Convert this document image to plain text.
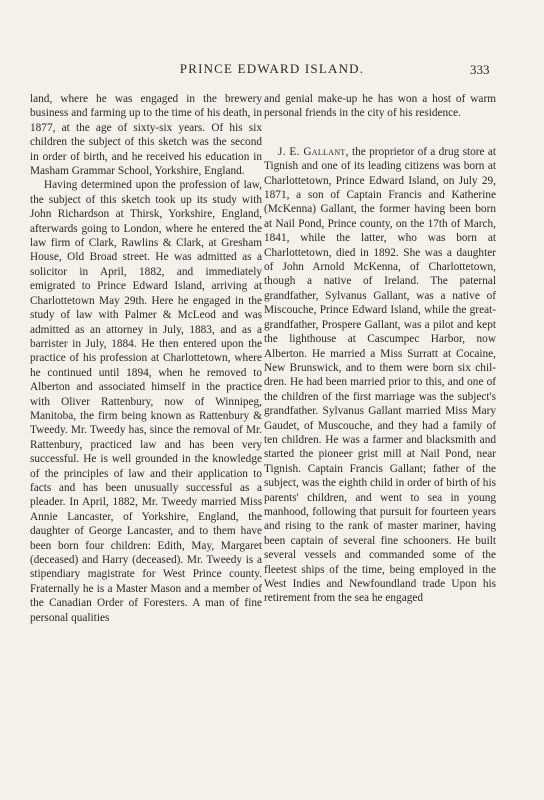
PRINCE EDWARD ISLAND.	333

land, where he was engaged in the brewery business and farming up to the time of his death, in 1877, at the age of sixty-six years. Of his six children the subject of this sketch was the second in order of birth, and he received his education in Masham Grammar School, Yorkshire, England.

Having determined upon the profession of law, the subject of this sketch took up its study with John Richardson at Thirsk, Yorkshire, England, afterwards going to London, where he entered the law firm of Clark, Rawlins & Clark, at Gresham House, Old Broad street. He was admitted as a solicitor in April, 1882, and immediately emigrated to Prince Edward Island, arriving at Charlottetown May 29th. Here he engaged in the study of law with Palmer & McLeod and was admitted as an attorney in July, 1883, and as a barrister in July, 1884. He then entered upon the practice of his profession at Charlottetown, where he continued until 1894, when he removed to Alberton and associated himself in the practice with Oliver Rattenbury, now of Winnipeg, Manitoba, the firm being known as Rattenbury & Tweedy. Mr. Tweedy has, since the removal of Mr. Rattenbury, practiced law and has been very successful. He is well grounded in the knowledge of the principles of law and their application to facts and has been unusually successful as a pleader. In April, 1882, Mr. Tweedy married Miss Annie Lancaster, of Yorkshire, England, the daughter of George Lancaster, and to them have been born four children: Edith, May, Margaret (deceased) and Harry (deceased). Mr. Tweedy is a stipendiary magistrate for West Prince county. Fraternally he is a Master Mason and a member of the Canadian Order of Foresters. A man of fine personal qualities

and genial make-up he has won a host of warm personal friends in the city of his residence.

J. E. Gallant, the proprietor of a drug store at Tignish and one of its leading citizens was born at Charlottetown, Prince Edward Island, on July 29, 1871, a son of Captain Francis and Katherine (McKenna) Gallant, the former having been born at Nail Pond, Prince county, on the 17th of March, 1841, while the latter, who was born at Charlottetown, died in 1892. She was a daughter of John Arnold McKenna, of Charlottetown, though a native of Ireland. The paternal grandfather, Sylvanus Gallant, was a native of Miscouche, Prince Edward Island, while the great-grandfather, Prospere Gallant, was a pilot and kept the lighthouse at Cascumpec Harbor, now Alberton. He married a Miss Surratt at Cocaine, New Brunswick, and to them were born six children. He had been married prior to this, and one of the children of the first marriage was the subject's grandfather. Sylvanus Gallant married Miss Mary Gaudet, of Muscouche, and they had a family of ten children. He was a farmer and blacksmith and started the pioneer grist mill at Nail Pond, near Tignish. Captain Francis Gallant; father of the subject, was the eighth child in order of birth of his parents' children, and went to sea in young manhood, following that pursuit for fourteen years and rising to the rank of master mariner, having been captain of several fine schooners. He built several vessels and commanded some of the fleetest ships of the time, being employed in the West Indies and Newfoundland trade Upon his retirement from the sea he engaged
